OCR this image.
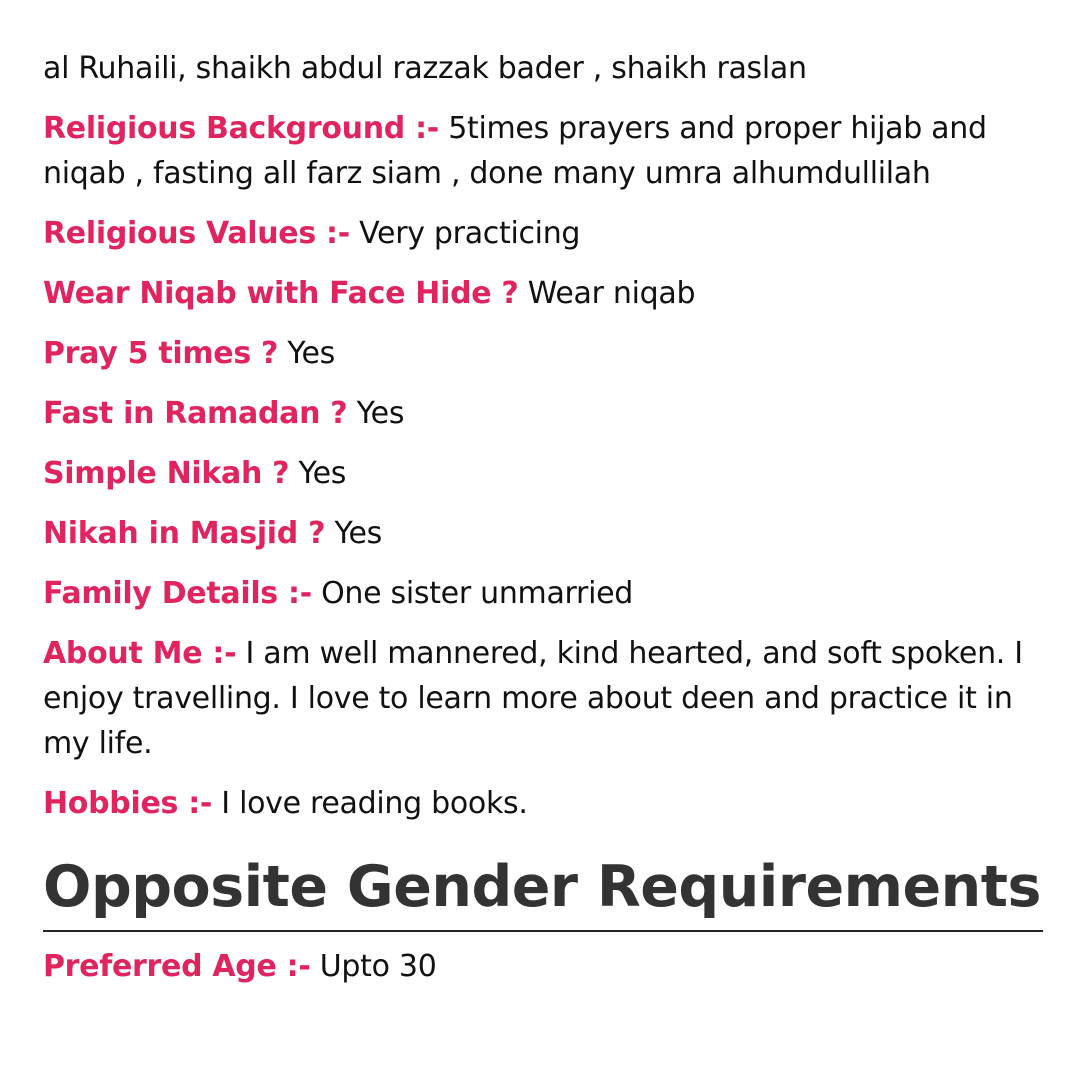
al Ruhaili, shaikh abdul razzak bader , shaikh raslan

Religious Background :- 5times prayers and proper hijab and niqab , fasting all farz siam , done many umra alhumdullilah

Religious Values :- Very practicing

Wear Niqab with Face Hide ? Wear niqab

Pray 5 times ? Yes

Fast in Ramadan ? Yes

Simple Nikah ? Yes

Nikah in Masjid ? Yes

Family Details :- One sister unmarried

About Me :- I am well mannered, kind hearted, and soft spoken. I enjoy travelling. I love to learn more about deen and practice it in my life.

Hobbies :- I love reading books.

Opposite Gender Requirements

Preferred Age :- Upto 30
